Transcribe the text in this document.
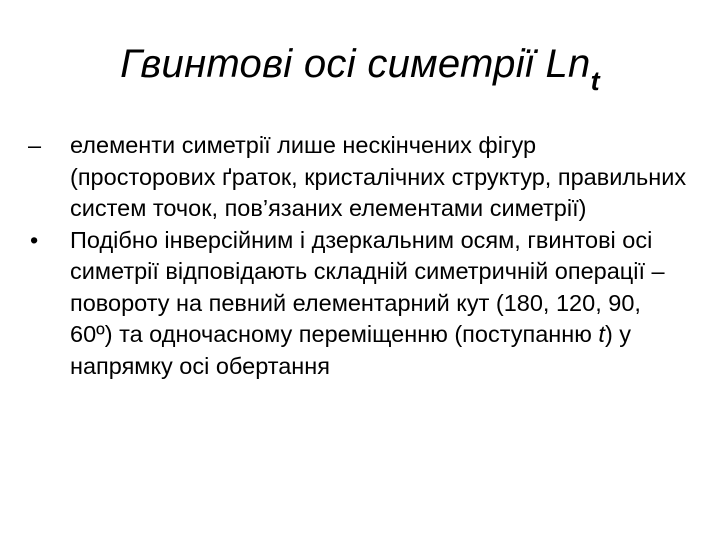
Гвинтові осі симетрії $Ln_t$
–	елементи симетрії лише нескінчених фігур (просторових ґраток, кристалічних структур, правильних систем точок, пов’язаних елементами симетрії)
•	Подібно інверсійним і дзеркальним осям, гвинтові осі симетрії відповідають складній симетричній операції – повороту на певний елементарний кут (180, 120, 90, 60º) та одночасному переміщенню (поступанню t) у напрямку осі обертання
